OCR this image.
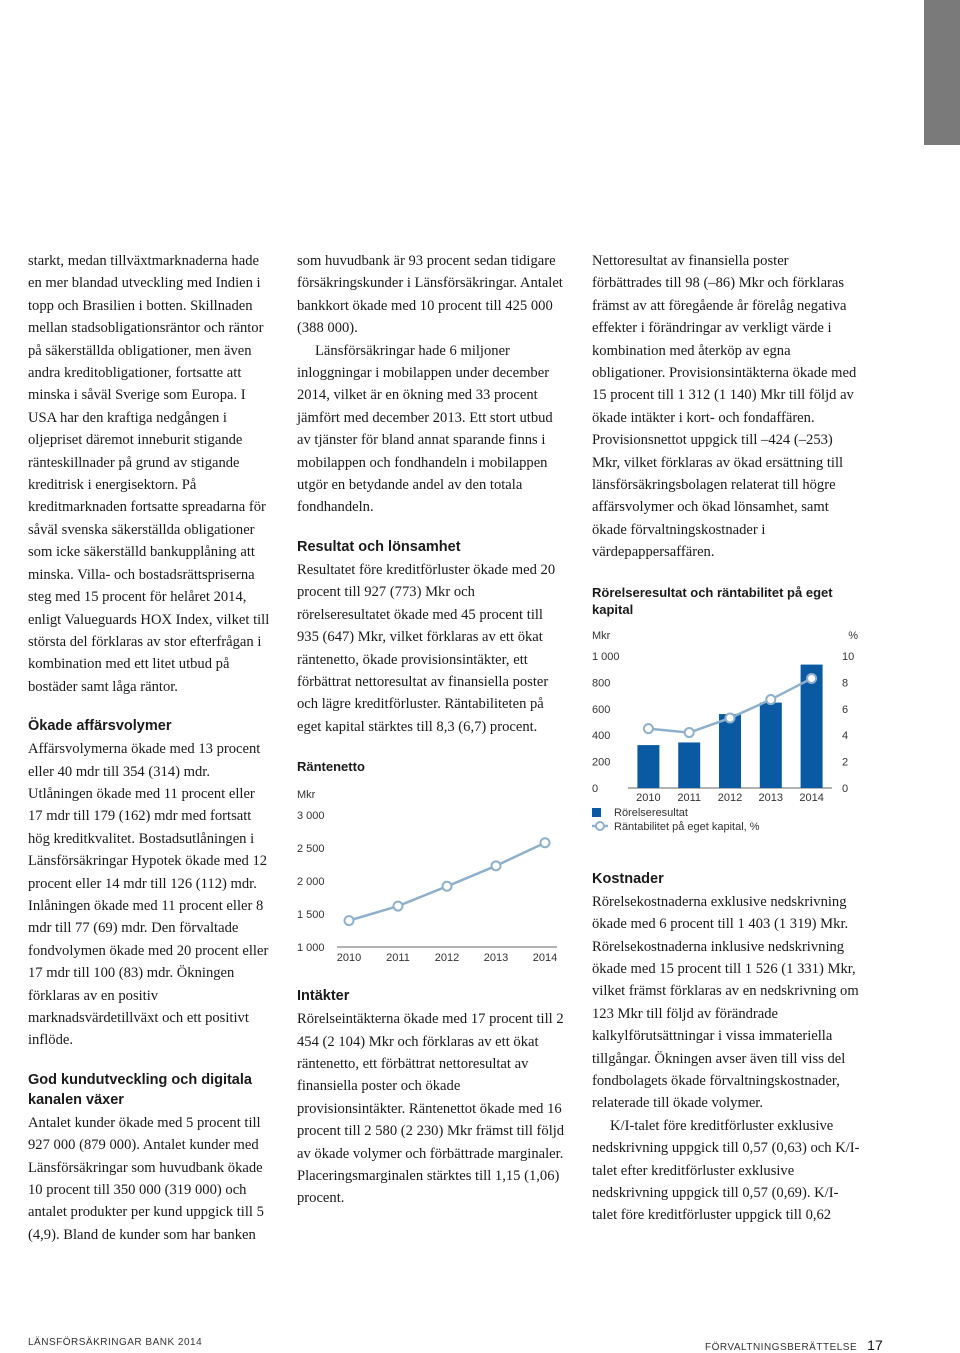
starkt, medan tillväxtmarknaderna hade en mer blandad utveckling med Indien i topp och Brasilien i botten. Skillnaden mellan stadsobligationsräntor och räntor på säkerställda obligationer, men även andra kreditobligationer, fortsatte att minska i såväl Sverige som Europa. I USA har den kraftiga nedgången i oljepriset däremot inneburit stigande ränteskillnader på grund av stigande kreditrisk i energisektorn. På kreditmarknaden fortsatte spreadarna för såväl svenska säkerställda obligationer som icke säkerställd bankupplåning att minska. Villa- och bostadsrättspriserna steg med 15 procent för helåret 2014, enligt Valueguards HOX Index, vilket till största del förklaras av stor efterfrågan i kombination med ett litet utbud på bostäder samt låga räntor.

Ökade affärsvolymer

Affärsvolymerna ökade med 13 procent eller 40 mdr till 354 (314) mdr. Utlåningen ökade med 11 procent eller 17 mdr till 179 (162) mdr med fortsatt hög kreditkvalitet. Bostadsutlåningen i Länsförsäkringar Hypotek ökade med 12 procent eller 14 mdr till 126 (112) mdr. Inlåningen ökade med 11 procent eller 8 mdr till 77 (69) mdr. Den förvaltade fondvolymen ökade med 20 procent eller 17 mdr till 100 (83) mdr. Ökningen förklaras av en positiv marknadsvärdetillväxt och ett positivt inflöde.

God kundutveckling och digitala kanalen växer

Antalet kunder ökade med 5 procent till 927 000 (879 000). Antalet kunder med Länsförsäkringar som huvudbank ökade 10 procent till 350 000 (319 000) och antalet produkter per kund uppgick till 5 (4,9). Bland de kunder som har banken

som huvudbank är 93 procent sedan tidigare försäkringskunder i Länsförsäkringar. Antalet bankkort ökade med 10 procent till 425 000 (388 000).

Länsförsäkringar hade 6 miljoner inloggningar i mobilappen under december 2014, vilket är en ökning med 33 procent jämfört med december 2013. Ett stort utbud av tjänster för bland annat sparande finns i mobilappen och fondhandeln i mobilappen utgör en betydande andel av den totala fondhandeln.

Resultat och lönsamhet

Resultatet före kreditförluster ökade med 20 procent till 927 (773) Mkr och rörelseresultatet ökade med 45 procent till 935 (647) Mkr, vilket förklaras av ett ökat räntenetto, ökade provisionsintäkter, ett förbättrat nettoresultat av finansiella poster och lägre kreditförluster. Räntabiliteten på eget kapital stärktes till 8,3 (6,7) procent.

Räntenetto
Mkr
1 000
1 500
2 000
2 500
3 000
2010 2011 2012 2013 2014
Intäkter

Rörelseintäkterna ökade med 17 procent till 2 454 (2 104) Mkr och förklaras av ett ökat räntenetto, ett förbättrat nettoresultat av finansiella poster och ökade provisionsintäkter. Räntenettot ökade med 16 procent till 2 580 (2 230) Mkr främst till följd av ökade volymer och förbättrade marginaler. Placeringsmarginalen stärktes till 1,15 (1,06) procent.

Nettoresultat av finansiella poster förbättrades till 98 (–86) Mkr och förklaras främst av att föregående år förelåg negativa effekter i förändringar av verkligt värde i kombination med återköp av egna obligationer. Provisionsintäkterna ökade med 15 procent till 1 312 (1 140) Mkr till följd av ökade intäkter i kort- och fondaffären. Provisionsnettot uppgick till –424 (–253) Mkr, vilket förklaras av ökad ersättning till länsförsäkringsbolagen relaterat till högre affärsvolymer och ökad lönsamhet, samt ökade förvaltningskostnader i värdepappersaffären.

Rörelseresultat och räntabilitet på eget kapital
Mkr	%
0
200
400
600
800
1 000
0
2
4
6
8
10
2010 2011 2012 2013 2014
Rörelseresultat
Räntabilitet på eget kapital, %
Kostnader

Rörelsekostnaderna exklusive nedskrivning ökade med 6 procent till 1 403 (1 319) Mkr. Rörelsekostnaderna inklusive nedskrivning ökade med 15 procent till 1 526 (1 331) Mkr, vilket främst förklaras av en nedskrivning om 123 Mkr till följd av förändrade kalkylförutsättningar i vissa immateriella tillgångar. Ökningen avser även till viss del fondbolagets ökade förvaltningskostnader, relaterade till ökade volymer.

K/I-talet före kreditförluster exklusive nedskrivning uppgick till 0,57 (0,63) och K/I-talet efter kreditförluster exklusive nedskrivning uppgick till 0,57 (0,69). K/I-talet före kreditförluster uppgick till 0,62

LÄNSFÖRSÄKRINGAR BANK 2014	FÖRVALTNINGSBERÄTTELSE 17
